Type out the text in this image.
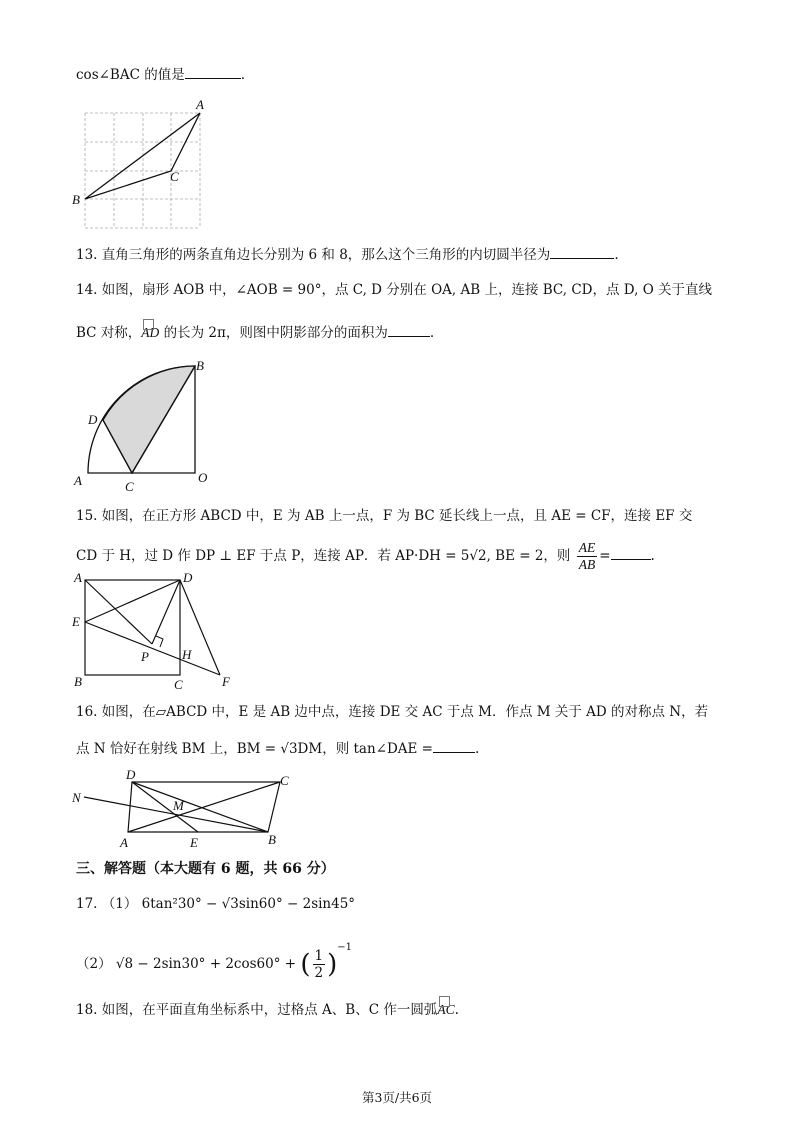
cos∠BAC 的值是	.
A
B
C
13. 直角三角形的两条直角边长分别为 6 和 8，那么这个三角形的内切圆半径为	.
14. 如图，扇形 AOB 中，∠AOB = 90°，点 C, D 分别在 OA, AB 上，连接 BC, CD，点 D, O 关于直线
BC 对称，AD 的长为 2π，则图中阴影部分的面积为	.
B
D
A	C
O
15. 如图，在正方形 ABCD 中，E 为 AB 上一点，F 为 BC 延长线上一点，且 AE = CF，连接 EF 交
CD 于 H，过 D 作 DP ⊥ EF 于点 P，连接 AP．若 AP·DH = 5√2, BE = 2，则 $\frac{AE}{AB}$ =	.
A	D
E
B	C	F
H
P
16. 如图，在▱ABCD 中，E 是 AB 边中点，连接 DE 交 AC 于点 M．作点 M 关于 AD 的对称点 N，若
点 N 恰好在射线 BM 上，BM = √3DM，则 tan∠DAE =	.
D	C
N
M
A	E	B
三、解答题（本大题有 6 题，共 66 分）
17. （1） 6tan²30° − √3sin60° − 2sin45°
（2） √8 − 2sin30° + 2cos60° + ( $\frac{1}{2} )^{-1}$
18. 如图，在平面直角坐标系中，过格点 A、B、C 作一圆弧AC.
第3页/共6页
